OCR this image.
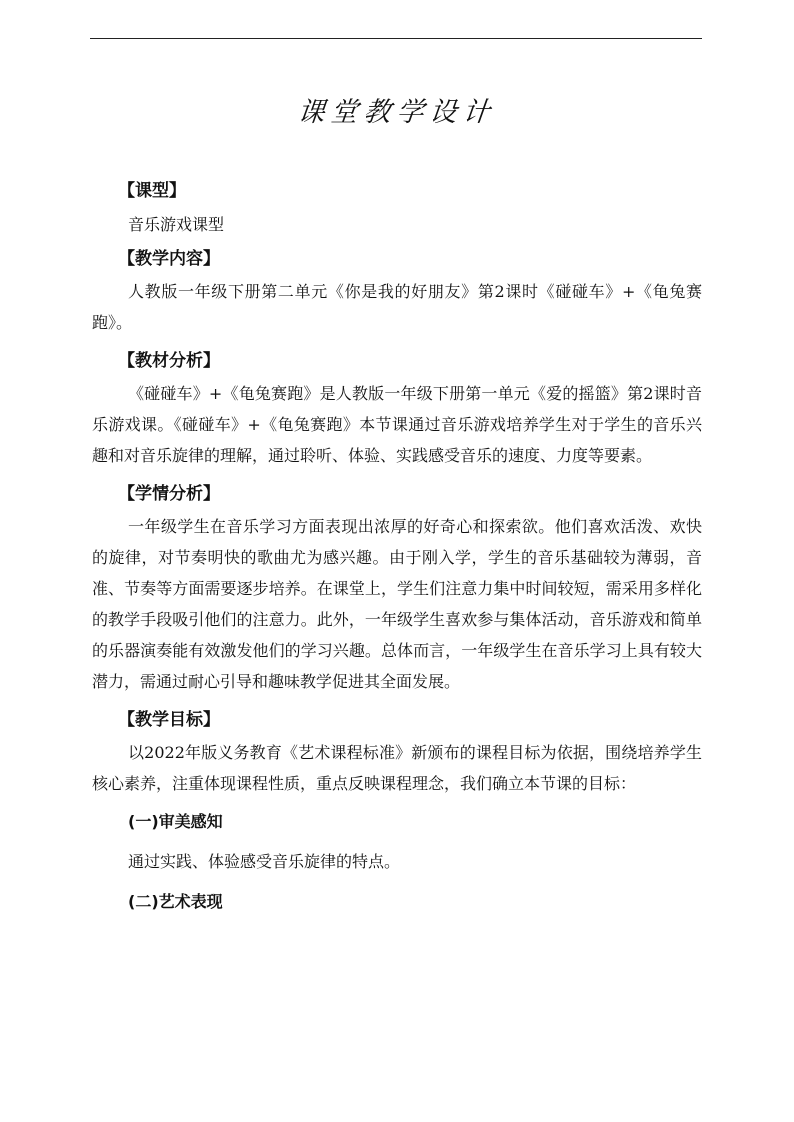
课堂教学设计
【课型】
音乐游戏课型
【教学内容】

人教版一年级下册第二单元《你是我的好朋友》第2课时《碰碰车》+《龟兔赛跑》。

【教材分析】

《碰碰车》+《龟兔赛跑》是人教版一年级下册第一单元《爱的摇篮》第2课时音乐游戏课。《碰碰车》+《龟兔赛跑》本节课通过音乐游戏培养学生对于学生的音乐兴趣和对音乐旋律的理解，通过聆听、体验、实践感受音乐的速度、力度等要素。

【学情分析】

一年级学生在音乐学习方面表现出浓厚的好奇心和探索欲。他们喜欢活泼、欢快的旋律，对节奏明快的歌曲尤为感兴趣。由于刚入学，学生的音乐基础较为薄弱，音准、节奏等方面需要逐步培养。在课堂上，学生们注意力集中时间较短，需采用多样化的教学手段吸引他们的注意力。此外，一年级学生喜欢参与集体活动，音乐游戏和简单的乐器演奏能有效激发他们的学习兴趣。总体而言，一年级学生在音乐学习上具有较大潜力，需通过耐心引导和趣味教学促进其全面发展。

【教学目标】

以2022年版义务教育《艺术课程标准》新颁布的课程目标为依据，围绕培养学生核心素养，注重体现课程性质，重点反映课程理念，我们确立本节课的目标：

(一)审美感知
通过实践、体验感受音乐旋律的特点。
(二)艺术表现
